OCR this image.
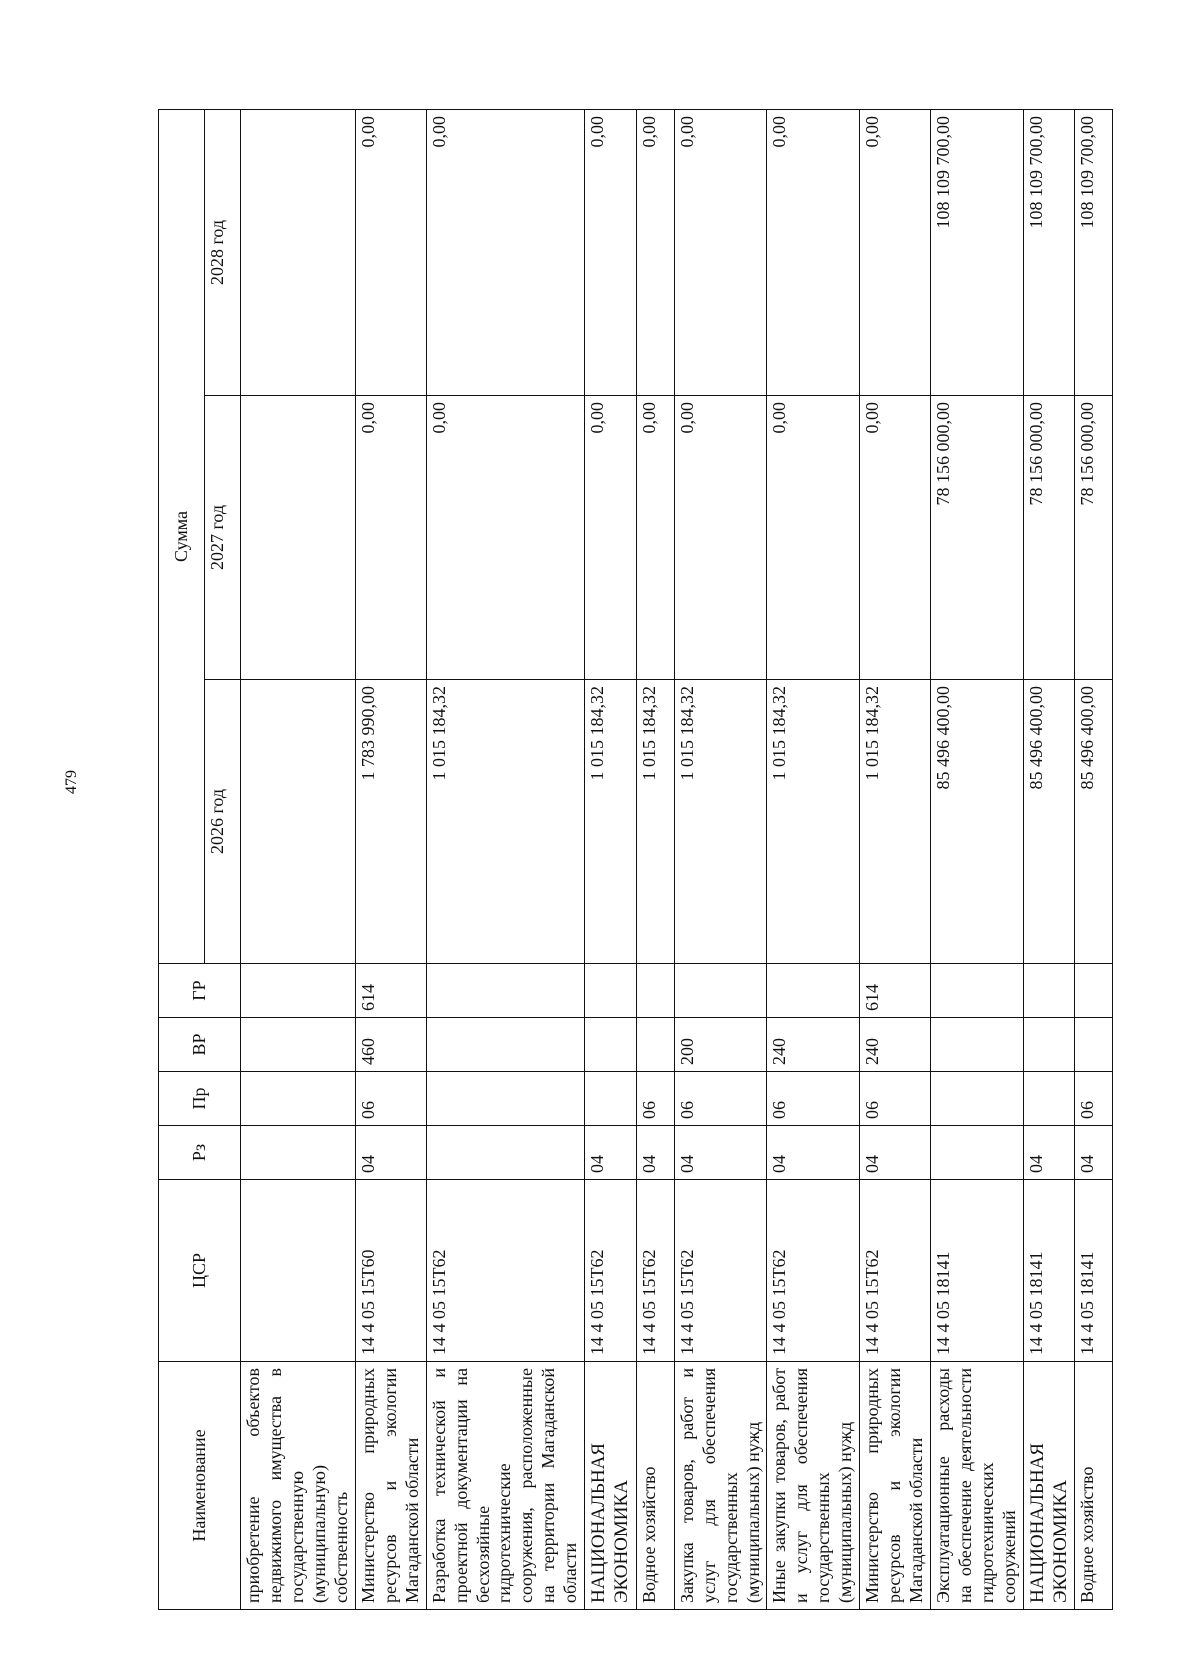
479
Наименование	ЦСР	Рз	Пр	ВР	ГР	Сумма		
						2026 год	2027 год	2028 год
приобретение объектов недвижимого имущества в государственную (муниципальную) собственность								
Министерство природных ресурсов и экологии Магаданской области	14 4 05 15Т60	04	06	460	614	1 783 990,00	0,00	0,00
Разработка технической и проектной документации на бесхозяйные гидротехнические сооружения, расположенные на территории Магаданской области	14 4 05 15Т62					1 015 184,32	0,00	0,00
НАЦИОНАЛЬНАЯ ЭКОНОМИКА	14 4 05 15Т62	04				1 015 184,32	0,00	0,00
Водное хозяйство	14 4 05 15Т62	04	06			1 015 184,32	0,00	0,00
Закупка товаров, работ и услуг для обеспечения государственных (муниципальных) нужд	14 4 05 15Т62	04	06	200		1 015 184,32	0,00	0,00
Иные закупки товаров, работ и услуг для обеспечения государственных (муниципальных) нужд	14 4 05 15Т62	04	06	240		1 015 184,32	0,00	0,00
Министерство природных ресурсов и экологии Магаданской области	14 4 05 15Т62	04	06	240	614	1 015 184,32	0,00	0,00
Эксплуатационные расходы на обеспечение деятельности гидротехнических сооружений	14 4 05 18141					85 496 400,00	78 156 000,00	108 109 700,00
НАЦИОНАЛЬНАЯ ЭКОНОМИКА	14 4 05 18141	04				85 496 400,00	78 156 000,00	108 109 700,00
Водное хозяйство	14 4 05 18141	04	06			85 496 400,00	78 156 000,00	108 109 700,00
